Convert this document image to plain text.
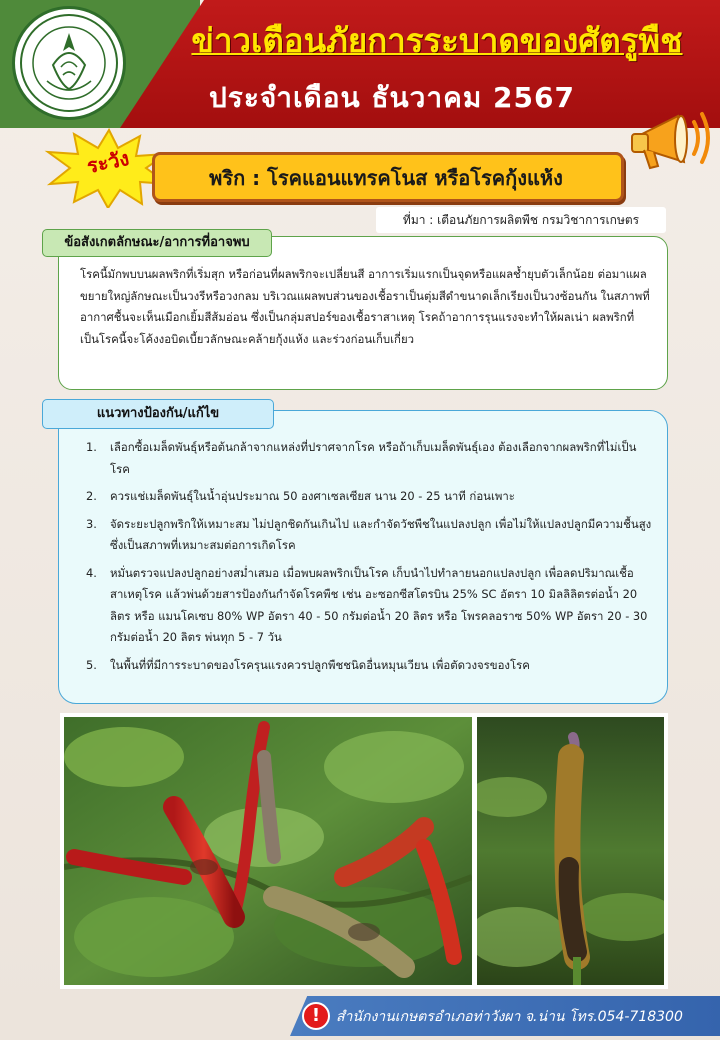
ข่าวเตือนภัยการระบาดของศัตรูพืช
ประจำเดือน ธันวาคม 2567
ระวัง	พริก : โรคแอนแทรคโนส หรือโรคกุ้งแห้ง
ที่มา : เตือนภัยการผลิตพืช กรมวิชาการเกษตร
ข้อสังเกตลักษณะ/อาการที่อาจพบ
โรคนี้มักพบบนผลพริกที่เริ่มสุก หรือก่อนที่ผลพริกจะเปลี่ยนสี อาการเริ่มแรกเป็นจุดหรือแผลช้ำยุบตัวเล็กน้อย ต่อมาแผลขยายใหญ่ลักษณะเป็นวงรีหรือวงกลม บริเวณแผลพบส่วนของเชื้อราเป็นตุ่มสีดำขนาดเล็กเรียงเป็นวงซ้อนกัน ในสภาพที่อากาศชื้นจะเห็นเมือกเยิ้มสีส้มอ่อน ซึ่งเป็นกลุ่มสปอร์ของเชื้อราสาเหตุ โรคถ้าอาการรุนแรงจะทำให้ผลเน่า ผลพริกที่เป็นโรคนี้จะโค้งงอบิดเบี้ยวลักษณะคล้ายกุ้งแห้ง และร่วงก่อนเก็บเกี่ยว
แนวทางป้องกัน/แก้ไข
1. เลือกซื้อเมล็ดพันธุ์หรือต้นกล้าจากแหล่งที่ปราศจากโรค หรือถ้าเก็บเมล็ดพันธุ์เอง ต้องเลือกจากผลพริกที่ไม่เป็นโรค
2. ควรแช่เมล็ดพันธุ์ในน้ำอุ่นประมาณ 50 องศาเซลเซียส นาน 20 - 25 นาที ก่อนเพาะ
3. จัดระยะปลูกพริกให้เหมาะสม ไม่ปลูกชิดกันเกินไป และกำจัดวัชพืชในแปลงปลูก เพื่อไม่ให้แปลงปลูกมีความชื้นสูง ซึ่งเป็นสภาพที่เหมาะสมต่อการเกิดโรค
4. หมั่นตรวจแปลงปลูกอย่างสม่ำเสมอ เมื่อพบผลพริกเป็นโรค เก็บนำไปทำลายนอกแปลงปลูก เพื่อลดปริมาณเชื้อสาเหตุโรค แล้วพ่นด้วยสารป้องกันกำจัดโรคพืช เช่น อะซอกซีสโตรบิน 25% SC อัตรา 10 มิลลิลิตรต่อน้ำ 20 ลิตร หรือ แมนโคเซบ 80% WP อัตรา 40 - 50 กรัมต่อน้ำ 20 ลิตร หรือ โพรคลอราซ 50% WP อัตรา 20 - 30 กรัมต่อน้ำ 20 ลิตร พ่นทุก 5 - 7 วัน
5. ในพื้นที่ที่มีการระบาดของโรครุนแรงควรปลูกพืชชนิดอื่นหมุนเวียน เพื่อตัดวงจรของโรค
!	สำนักงานเกษตรอำเภอท่าวังผา จ.น่าน โทร.054-718300
